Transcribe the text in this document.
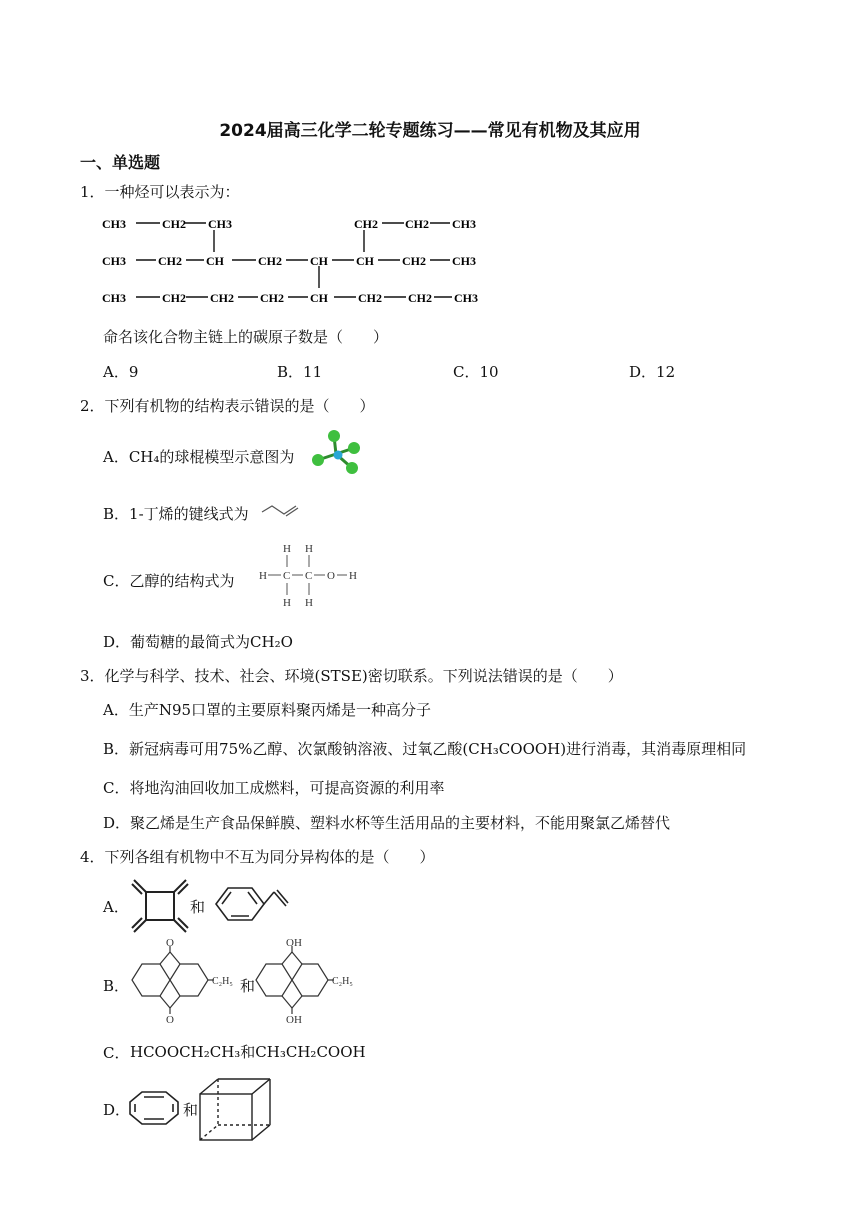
2024届高三化学二轮专题练习——常见有机物及其应用
一、单选题
1．一种烃可以表示为：
CH3	CH2 CH3	CH2 CH2 CH3
CH3	CH2 CH	CH2 CH CH CH2 CH3
CH3	CH2 CH2 CH2 CH	CH2 CH2 CH3
命名该化合物主链上的碳原子数是（　　）
A．9	B．11	C．10	D．12
2．下列有机物的结构表示错误的是（　　）
A．CH₄的球棍模型示意图为
B．1-丁烯的键线式为
C．乙醇的结构式为
H H
H C C O H
H H
D．葡萄糖的最简式为CH₂O
3．化学与科学、技术、社会、环境(STSE)密切联系。下列说法错误的是（　　）
A．生产N95口罩的主要原料聚丙烯是一种高分子
B．新冠病毒可用75%乙醇、次氯酸钠溶液、过氧乙酸(CH₃COOOH)进行消毒，其消毒原理相同
C．将地沟油回收加工成燃料，可提高资源的利用率
D．聚乙烯是生产食品保鲜膜、塑料水杯等生活用品的主要材料，不能用聚氯乙烯替代
4．下列各组有机物中不互为同分异构体的是（　　）
A．	和
B．
O
O
C₂H₅ 和
OH
OH
C₂H₅
C． HCOOCH₂CH₃和CH₃CH₂COOH
D．	和
